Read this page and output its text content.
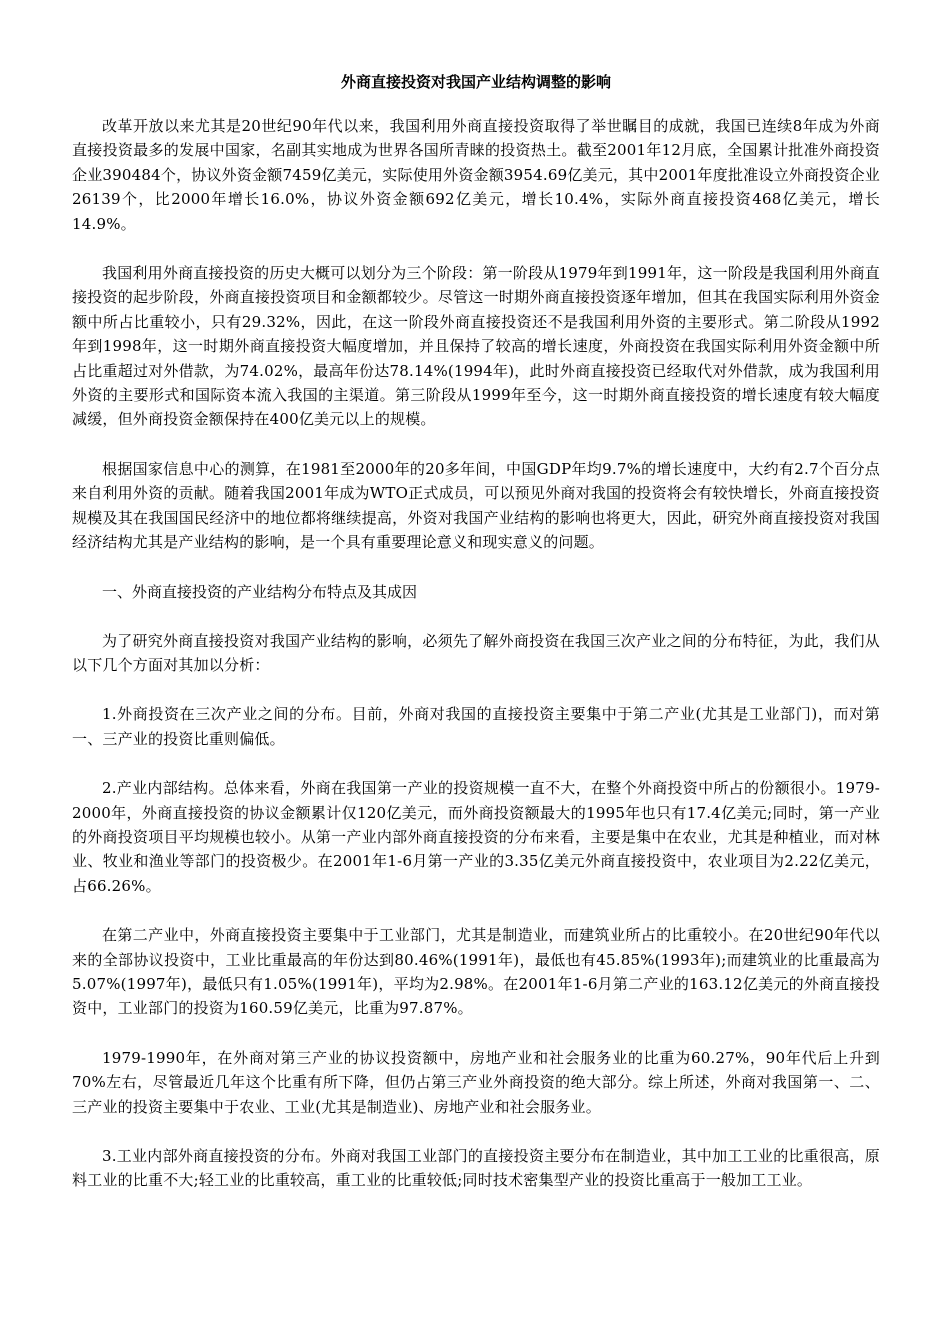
外商直接投资对我国产业结构调整的影响

改革开放以来尤其是20世纪90年代以来，我国利用外商直接投资取得了举世瞩目的成就，我国已连续8年成为外商直接投资最多的发展中国家，名副其实地成为世界各国所青睐的投资热土。截至2001年12月底，全国累计批准外商投资企业390484个，协议外资金额7459亿美元，实际使用外资金额3954.69亿美元，其中2001年度批准设立外商投资企业26139个，比2000年增长16.0%，协议外资金额692亿美元，增长10.4%，实际外商直接投资468亿美元，增长14.9%。

我国利用外商直接投资的历史大概可以划分为三个阶段：第一阶段从1979年到1991年，这一阶段是我国利用外商直接投资的起步阶段，外商直接投资项目和金额都较少。尽管这一时期外商直接投资逐年增加，但其在我国实际利用外资金额中所占比重较小，只有29.32%，因此，在这一阶段外商直接投资还不是我国利用外资的主要形式。第二阶段从1992年到1998年，这一时期外商直接投资大幅度增加，并且保持了较高的增长速度，外商投资在我国实际利用外资金额中所占比重超过对外借款，为74.02%，最高年份达78.14%(1994年)，此时外商直接投资已经取代对外借款，成为我国利用外资的主要形式和国际资本流入我国的主渠道。第三阶段从1999年至今，这一时期外商直接投资的增长速度有较大幅度减缓，但外商投资金额保持在400亿美元以上的规模。

根据国家信息中心的测算，在1981至2000年的20多年间，中国GDP年均9.7%的增长速度中，大约有2.7个百分点来自利用外资的贡献。随着我国2001年成为WTO正式成员，可以预见外商对我国的投资将会有较快增长，外商直接投资规模及其在我国国民经济中的地位都将继续提高，外资对我国产业结构的影响也将更大，因此，研究外商直接投资对我国经济结构尤其是产业结构的影响，是一个具有重要理论意义和现实意义的问题。

一、外商直接投资的产业结构分布特点及其成因

为了研究外商直接投资对我国产业结构的影响，必须先了解外商投资在我国三次产业之间的分布特征，为此，我们从以下几个方面对其加以分析：

1.外商投资在三次产业之间的分布。目前，外商对我国的直接投资主要集中于第二产业(尤其是工业部门)，而对第一、三产业的投资比重则偏低。

2.产业内部结构。总体来看，外商在我国第一产业的投资规模一直不大，在整个外商投资中所占的份额很小。1979-2000年，外商直接投资的协议金额累计仅120亿美元，而外商投资额最大的1995年也只有17.4亿美元;同时，第一产业的外商投资项目平均规模也较小。从第一产业内部外商直接投资的分布来看，主要是集中在农业，尤其是种植业，而对林业、牧业和渔业等部门的投资极少。在2001年1-6月第一产业的3.35亿美元外商直接投资中，农业项目为2.22亿美元，占66.26%。

在第二产业中，外商直接投资主要集中于工业部门，尤其是制造业，而建筑业所占的比重较小。在20世纪90年代以来的全部协议投资中，工业比重最高的年份达到80.46%(1991年)，最低也有45.85%(1993年);而建筑业的比重最高为5.07%(1997年)，最低只有1.05%(1991年)，平均为2.98%。在2001年1-6月第二产业的163.12亿美元的外商直接投资中，工业部门的投资为160.59亿美元，比重为97.87%。

1979-1990年，在外商对第三产业的协议投资额中，房地产业和社会服务业的比重为60.27%，90年代后上升到70%左右，尽管最近几年这个比重有所下降，但仍占第三产业外商投资的绝大部分。综上所述，外商对我国第一、二、三产业的投资主要集中于农业、工业(尤其是制造业)、房地产业和社会服务业。

3.工业内部外商直接投资的分布。外商对我国工业部门的直接投资主要分布在制造业，其中加工工业的比重很高，原料工业的比重不大;轻工业的比重较高，重工业的比重较低;同时技术密集型产业的投资比重高于一般加工工业。
